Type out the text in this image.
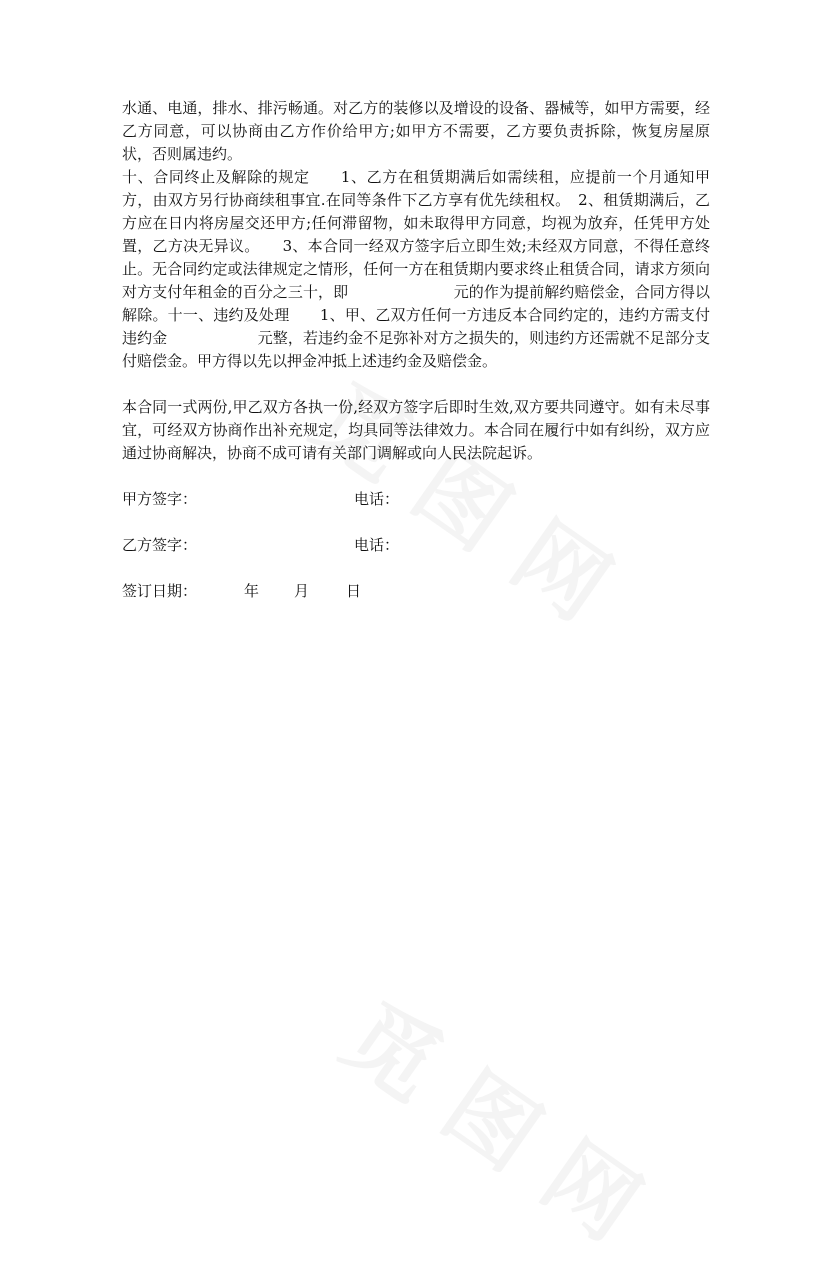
水通、电通，排水、排污畅通。对乙方的装修以及增设的设备、器械等，如甲方需要，经乙方同意，可以协商由乙方作价给甲方;如甲方不需要，乙方要负责拆除，恢复房屋原状，否则属违约。

十、合同终止及解除的规定　　1、乙方在租赁期满后如需续租，应提前一个月通知甲方，由双方另行协商续租事宜.在同等条件下乙方享有优先续租权。　2、租赁期满后，乙方应在日内将房屋交还甲方;任何滞留物，如未取得甲方同意，均视为放弃，任凭甲方处置，乙方决无异议。　　3、本合同一经双方签字后立即生效;未经双方同意，不得任意终止。无合同约定或法律规定之情形，任何一方在租赁期内要求终止租赁合同，请求方须向对方支付年租金的百分之三十，即　　　　　　　元的作为提前解约赔偿金，合同方得以解除。十一、违约及处理　　1、甲、乙双方任何一方违反本合同约定的，违约方需支付违约金　　　　　　元整，若违约金不足弥补对方之损失的，则违约方还需就不足部分支付赔偿金。甲方得以先以押金冲抵上述违约金及赔偿金。

本合同一式两份,甲乙双方各执一份,经双方签字后即时生效,双方要共同遵守。如有未尽事宜，可经双方协商作出补充规定，均具同等法律效力。本合同在履行中如有纠纷，双方应通过协商解决，协商不成可请有关部门调解或向人民法院起诉。

甲方签字：	电话：
乙方签字：	电话：
签订日期：	年 月 日
